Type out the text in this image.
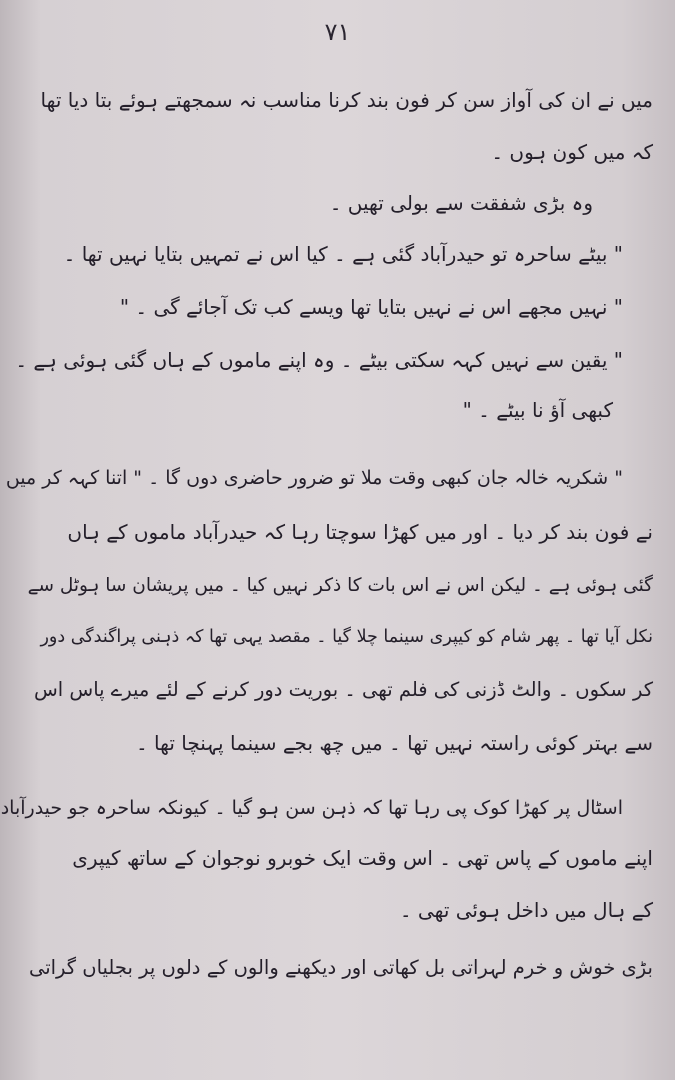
٧١
میں نے ان کی آواز سن کر فون بند کرنا مناسب نہ سمجھتے ہوئے بتا دیا تھا
کہ میں کون ہوں ۔
وہ بڑی شفقت سے بولی تھیں ۔
" بیٹے ساحرہ تو حیدرآباد گئی ہے ۔ کیا اس نے تمہیں بتایا نہیں تھا ۔
" نہیں مجھے اس نے نہیں بتایا تھا ویسے کب تک آجائے گی ۔ "
" یقین سے نہیں کہہ سکتی بیٹے ۔ وہ اپنے ماموں کے ہاں گئی ہوئی ہے ۔
کبھی آؤ نا بیٹے ۔ "
" شکریہ خالہ جان کبھی وقت ملا تو ضرور حاضری دوں گا ۔ " اتنا کہہ کر میں
نے فون بند کر دیا ۔ اور میں کھڑا سوچتا رہا کہ حیدرآباد ماموں کے ہاں
گئی ہوئی ہے ۔ لیکن اس نے اس بات کا ذکر نہیں کیا ۔ میں پریشان سا ہوٹل سے
نکل آیا تھا ۔ پھر شام کو کیپری سینما چلا گیا ۔ مقصد یہی تھا کہ ذہنی پراگندگی دور
کر سکوں ۔ والٹ ڈزنی کی فلم تھی ۔ بوریت دور کرنے کے لئے میرے پاس اس
سے بہتر کوئی راستہ نہیں تھا ۔ میں چھ بجے سینما پہنچا تھا ۔
اسٹال پر کھڑا کوک پی رہا تھا کہ ذہن سن ہو گیا ۔ کیونکہ ساحرہ جو حیدرآباد
اپنے ماموں کے پاس تھی ۔ اس وقت ایک خوبرو نوجوان کے ساتھ کیپری
کے ہال میں داخل ہوئی تھی ۔
بڑی خوش و خرم لہراتی بل کھاتی اور دیکھنے والوں کے دلوں پر بجلیاں گراتی
